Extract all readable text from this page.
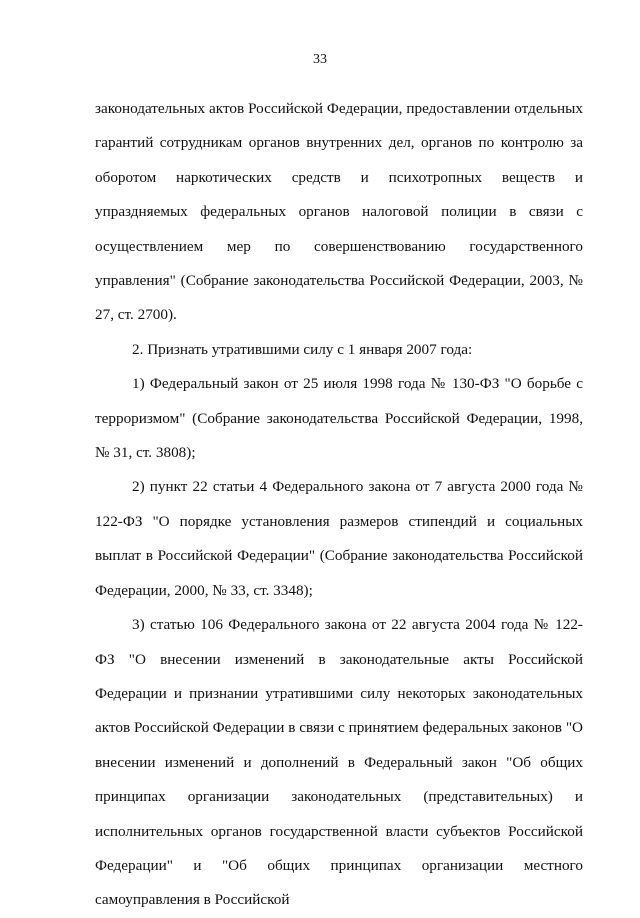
33

законодательных актов Российской Федерации, предоставлении отдельных гарантий сотрудникам органов внутренних дел, органов по контролю за оборотом наркотических средств и психотропных веществ и упраздняемых федеральных органов налоговой полиции в связи с осуществлением мер по совершенствованию государственного управления" (Собрание законодательства Российской Федерации, 2003, № 27, ст. 2700).

2. Признать утратившими силу с 1 января 2007 года:

1) Федеральный закон от 25 июля 1998 года № 130-ФЗ "О борьбе с терроризмом" (Собрание законодательства Российской Федерации, 1998, № 31, ст. 3808);

2) пункт 22 статьи 4 Федерального закона от 7 августа 2000 года № 122-ФЗ "О порядке установления размеров стипендий и социальных выплат в Российской Федерации" (Собрание законодательства Российской Федерации, 2000, № 33, ст. 3348);

3) статью 106 Федерального закона от 22 августа 2004 года № 122-ФЗ "О внесении изменений в законодательные акты Российской Федерации и признании утратившими силу некоторых законодательных актов Российской Федерации в связи с принятием федеральных законов "О внесении изменений и дополнений в Федеральный закон "Об общих принципах организации законодательных (представительных) и исполнительных органов государственной власти субъектов Российской Федерации" и "Об общих принципах организации местного самоуправления в Российской
